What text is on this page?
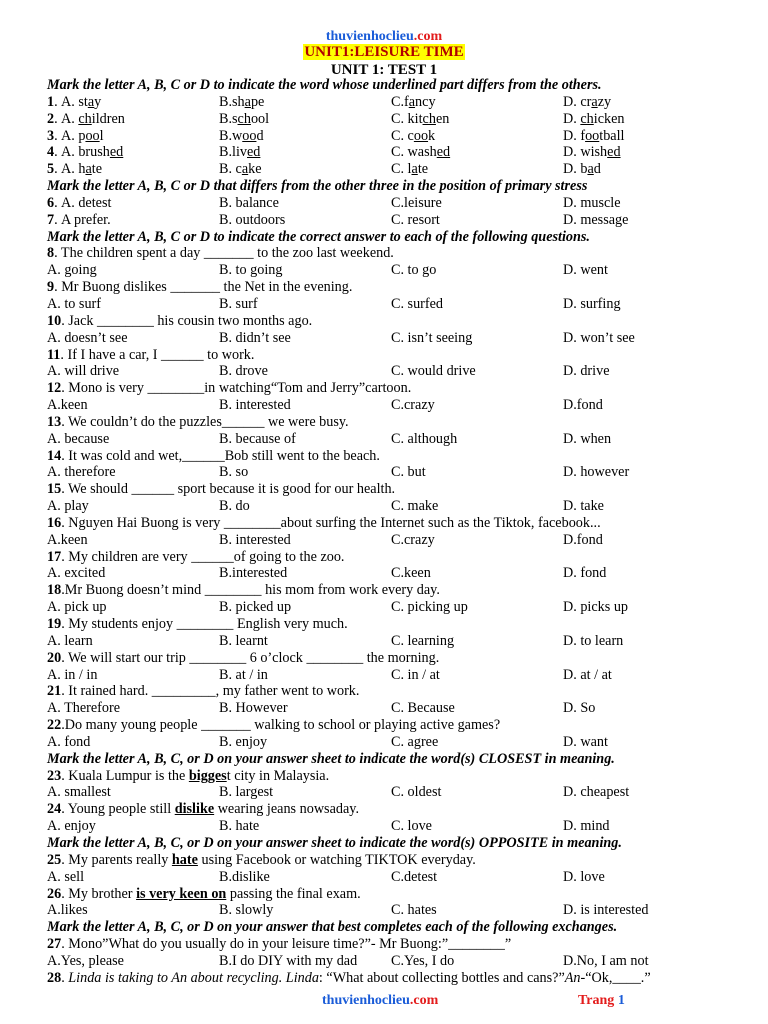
thuvienhoclieu.com
UNIT1:LEISURE TIME
UNIT 1: TEST 1
Mark the letter A, B, C or D to indicate the word whose underlined part differs from the others.
1. A. stay	B.shape	C.fancy	D. crazy
2. A. children	B.school	C. kitchen	D. chicken
3. A. pool	B.wood	C. cook	D. football
4. A. brushed	B.lived	C. washed	D. wished
5. A. hate	B. cake	C. late	D. bad
Mark the letter A, B, C or D that differs from the other three in the position of primary stress
6. A. detest	B. balance	C.leisure	D. muscle
7. A prefer.	B. outdoors	C. resort	D. message
Mark the letter A, B, C or D to indicate the correct answer to each of the following questions.
8. The children spent a day _______ to the zoo last weekend.
A. going	B. to going	C. to go	D. went
9. Mr Buong dislikes _______ the Net in the evening.
A. to surf	B. surf	C. surfed	D. surfing
10. Jack ________ his cousin two months ago.
A. doesn’t see	B. didn’t see	C. isn’t seeing	D. won’t see
11. If I have a car, I ______ to work.
A. will drive	B. drove	C. would drive	D. drive
12. Mono is very ________in watching“Tom and Jerry”cartoon.
A.keen	B. interested	C.crazy	D.fond
13. We couldn’t do the puzzles______ we were busy.
A. because	B. because of	C. although	D. when
14. It was cold and wet,______Bob still went to the beach.
A. therefore	B. so	C. but	D. however
15. We should ______ sport because it is good for our health.
A. play	B. do	C. make	D. take
16. Nguyen Hai Buong is very ________about surfing the Internet such as the Tiktok, facebook...
A.keen	B. interested	C.crazy	D.fond
17. My children are very ______of going to the zoo.
A. excited	B.interested	C.keen	D. fond
18.Mr Buong doesn’t mind ________ his mom from work every day.
A. pick up	B. picked up	C. picking up	D. picks up
19. My students enjoy ________ English very much.
A. learn	B. learnt	C. learning	D. to learn
20. We will start our trip ________ 6 o’clock ________ the morning.
A. in / in	B. at / in	C. in / at	D. at / at
21. It rained hard. _________, my father went to work.
A. Therefore	B. However	C. Because	D. So
22.Do many young people _______ walking to school or playing active games?
A. fond	B. enjoy	C. agree	D. want
Mark the letter A, B, C, or D on your answer sheet to indicate the word(s) CLOSEST in meaning.
23. Kuala Lumpur is the biggest city in Malaysia.
A. smallest	B. largest	C. oldest	D. cheapest
24. Young people still dislike wearing jeans nowsaday.
A. enjoy	B. hate	C. love	D. mind
Mark the letter A, B, C, or D on your answer sheet to indicate the word(s) OPPOSITE in meaning.
25. My parents really hate using Facebook or watching TIKTOK everyday.
A. sell	B.dislike	C.detest	D. love
26. My brother is very keen on passing the final exam.
A.likes	B. slowly	C. hates	D. is interested
Mark the letter A, B, C, or D on your answer that best completes each of the following exchanges.
27. Mono”What do you usually do in your leisure time?”- Mr Buong:”________”
A.Yes, please	B.I do DIY with my dad C.Yes, I do	D.No, I am not
28. Linda is taking to An about recycling. Linda: “What about collecting bottles and cans?”An-“Ok,____.”
thuvienhoclieu.com	Trang 1
